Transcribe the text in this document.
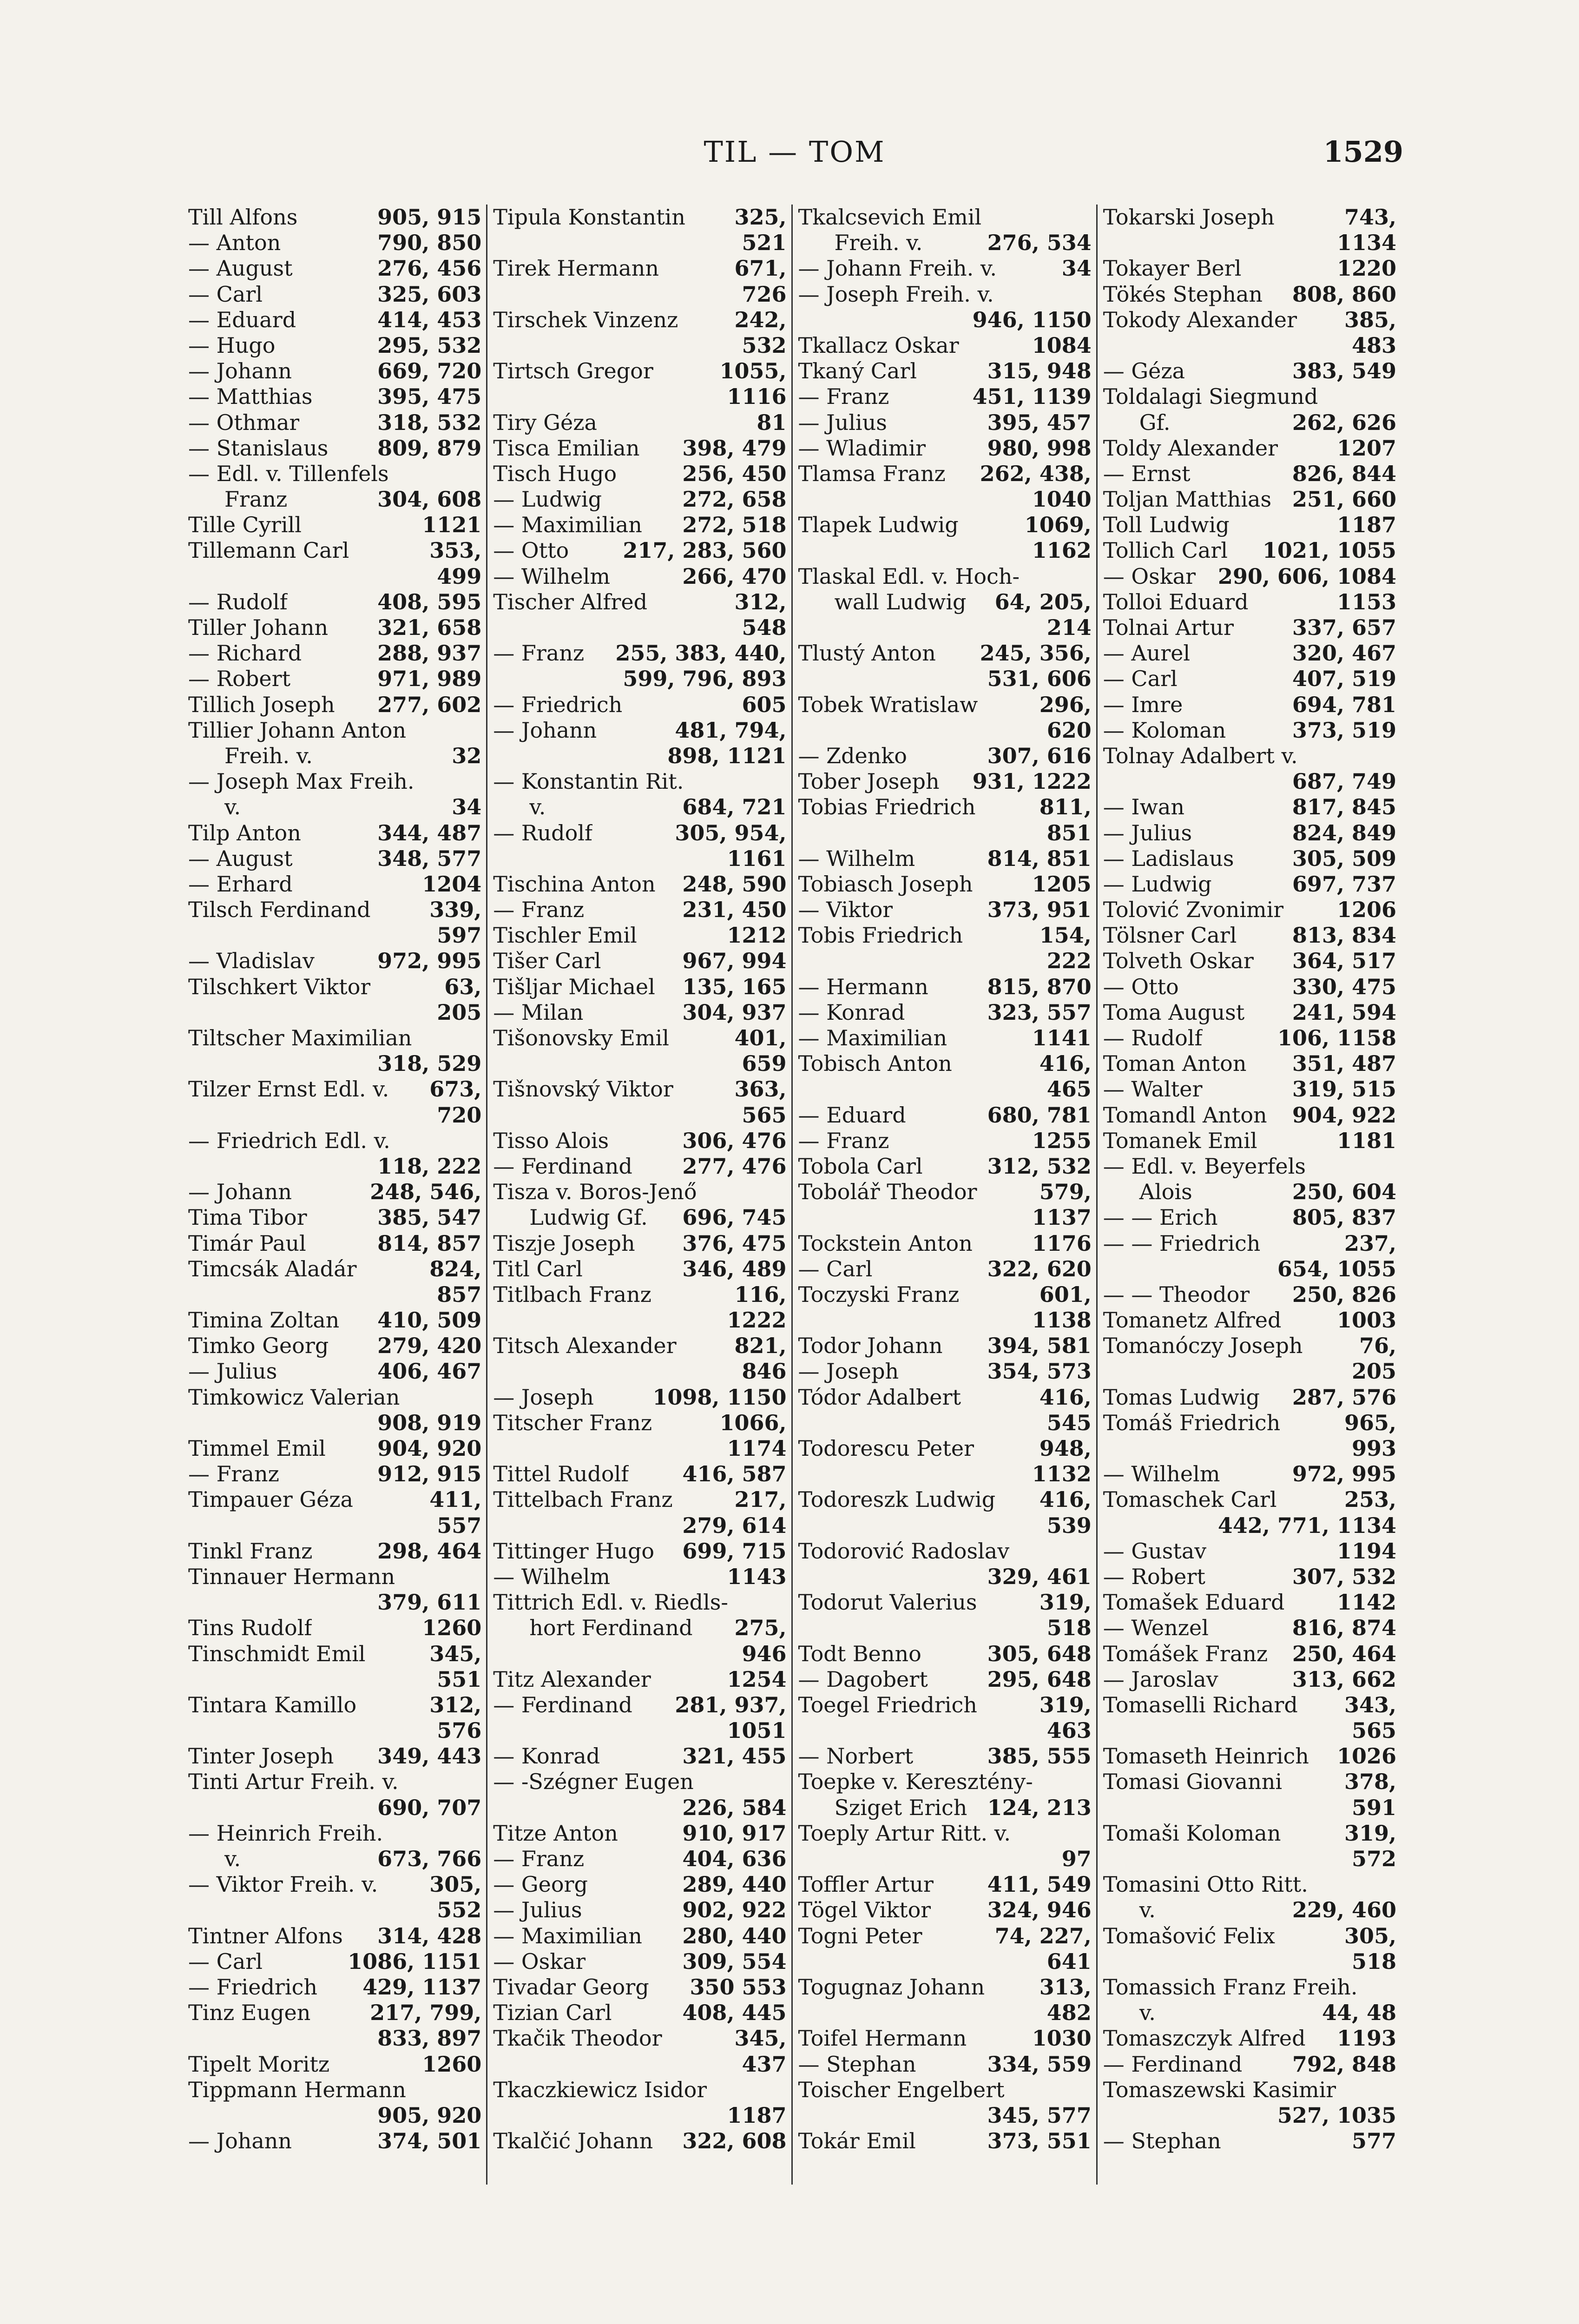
TIL — TOM	1529
Till Alfons	905, 915
— Anton	790, 850
— August	276, 456
— Carl	325, 603
— Eduard	414, 453
— Hugo	295, 532
— Johann	669, 720
— Matthias	395, 475
— Othmar	318, 532
— Stanislaus 809, 879
— Edl. v. Tillenfels
Franz	304, 608
Tille Cyrill	1121
Tillemann Carl	353,
499
— Rudolf	408, 595
Tiller Johann 321, 658
— Richard	288, 937
— Robert	971, 989
Tillich Joseph 277, 602
Tillier Johann Anton
Freih. v.	32
— Joseph Max Freih.
v.	34
Tilp Anton	344, 487
— August	348, 577
— Erhard	1204
Tilsch Ferdinand	339,
597
— Vladislav	972, 995
Tilschkert Viktor	63,
205
Tiltscher Maximilian
318, 529
Tilzer Ernst Edl. v. 673,
720
— Friedrich Edl. v.
118, 222
— Johann	248, 546,
Tima Tibor	385, 547
Timár Paul	814, 857
Timcsák Aladár	824,
857
Timina Zoltan 410, 509
Timko Georg 279, 420
— Julius	406, 467
Timkowicz Valerian
908, 919
Timmel Emil 904, 920
— Franz	912, 915
Timpauer Géza	411,
557
Tinkl Franz	298, 464
Tinnauer Hermann
379, 611
Tins Rudolf	1260
Tinschmidt Emil	345,
551
Tintara Kamillo	312,
576
Tinter Joseph 349, 443
Tinti Artur Freih. v.
690, 707
— Heinrich Freih.
v.	673, 766
— Viktor Freih. v. 305,
552
Tintner Alfons 314, 428
— Carl	1086, 1151
— Friedrich 429, 1137
Tinz Eugen	217, 799,
833, 897
Tipelt Moritz	1260
Tippmann Hermann
905, 920
— Johann	374, 501
Tipula Konstantin 325,
521
Tirek Hermann	671,
726
Tirschek Vinzenz	242,
532
Tirtsch Gregor	1055,
1116
Tiry Géza	81
Tisca Emilian 398, 479
Tisch Hugo	256, 450
— Ludwig	272, 658
— Maximilian 272, 518
— Otto	217, 283, 560
— Wilhelm	266, 470
Tischer Alfred	312,
548
— Franz 255, 383, 440,
599, 796, 893
— Friedrich	605
— Johann	481, 794,
898, 1121
— Konstantin Rit.
v.	684, 721
— Rudolf	305, 954,
1161
Tischina Anton 248, 590
— Franz	231, 450
Tischler Emil	1212
Tišer Carl	967, 994
Tišljar Michael 135, 165
— Milan	304, 937
Tišonovsky Emil	401,
659
Tišnovský Viktor	363,
565
Tisso Alois	306, 476
— Ferdinand 277, 476
Tisza v. Boros-Jenő
Ludwig Gf. 696, 745
Tiszje Joseph 376, 475
Titl Carl	346, 489
Titlbach Franz	116,
1222
Titsch Alexander	821,
846
— Joseph	1098, 1150
Titscher Franz	1066,
1174
Tittel Rudolf	416, 587
Tittelbach Franz	217,
279, 614
Tittinger Hugo 699, 715
— Wilhelm	1143
Tittrich Edl. v. Riedls-
hort Ferdinand 275,
946
Titz Alexander	1254
— Ferdinand 281, 937,
1051
— Konrad	321, 455
— -Szégner Eugen
226, 584
Titze Anton	910, 917
— Franz	404, 636
— Georg	289, 440
— Julius	902, 922
— Maximilian 280, 440
— Oskar	309, 554
Tivadar Georg 350 553
Tizian Carl	408, 445
Tkačik Theodor	345,
437
Tkaczkiewicz Isidor
1187
Tkalčić Johann 322, 608
Tkalcsevich Emil
Freih. v.	276, 534
— Johann Freih. v.	34
— Joseph Freih. v.
946, 1150
Tkallacz Oskar	1084
Tkaný Carl	315, 948
— Franz	451, 1139
— Julius	395, 457
— Wladimir	980, 998
Tlamsa Franz 262, 438,
1040
Tlapek Ludwig	1069,
1162
Tlaskal Edl. v. Hoch-
wall Ludwig 64, 205,
214
Tlustý Anton 245, 356,
531, 606
Tobek Wratislaw	296,
620
— Zdenko	307, 616
Tober Joseph 931, 1222
Tobias Friedrich	811,
851
— Wilhelm	814, 851
Tobiasch Joseph	1205
— Viktor	373, 951
Tobis Friedrich	154,
222
— Hermann	815, 870
— Konrad	323, 557
— Maximilian	1141
Tobisch Anton	416,
465
— Eduard	680, 781
— Franz	1255
Tobola Carl	312, 532
Tobolář Theodor	579,
1137
Tockstein Anton	1176
— Carl	322, 620
Toczyski Franz	601,
1138
Todor Johann 394, 581
— Joseph	354, 573
Tódor Adalbert	416,
545
Todorescu Peter	948,
1132
Todoreszk Ludwig 416,
539
Todorović Radoslav
329, 461
Todorut Valerius	319,
518
Todt Benno	305, 648
— Dagobert	295, 648
Toegel Friedrich	319,
463
— Norbert	385, 555
Toepke v. Keresztény-
Sziget Erich 124, 213
Toeply Artur Ritt. v.
97
Toffler Artur	411, 549
Tögel Viktor	324, 946
Togni Peter	74, 227,
641
Togugnaz Johann	313,
482
Toifel Hermann	1030
— Stephan	334, 559
Toischer Engelbert
345, 577
Tokár Emil	373, 551
Tokarski Joseph	743,
1134
Tokayer Berl	1220
Tökés Stephan 808, 860
Tokody Alexander 385,
483
— Géza	383, 549
Toldalagi Siegmund
Gf.	262, 626
Toldy Alexander	1207
— Ernst	826, 844
Toljan Matthias 251, 660
Toll Ludwig	1187
Tollich Carl 1021, 1055
— Oskar 290, 606, 1084
Tolloi Eduard	1153
Tolnai Artur	337, 657
— Aurel	320, 467
— Carl	407, 519
— Imre	694, 781
— Koloman	373, 519
Tolnay Adalbert v.
687, 749
— Iwan	817, 845
— Julius	824, 849
— Ladislaus	305, 509
— Ludwig	697, 737
Tolović Zvonimir 1206
Tölsner Carl	813, 834
Tolveth Oskar 364, 517
— Otto	330, 475
Toma August 241, 594
— Rudolf	106, 1158
Toman Anton 351, 487
— Walter	319, 515
Tomandl Anton 904, 922
Tomanek Emil	1181
— Edl. v. Beyerfels
Alois	250, 604
— — Erich	805, 837
— — Friedrich	237,
654, 1055
— — Theodor 250, 826
Tomanetz Alfred	1003
Tomanóczy Joseph	76,
205
Tomas Ludwig 287, 576
Tomáš Friedrich	965,
993
— Wilhelm	972, 995
Tomaschek Carl	253,
442, 771, 1134
— Gustav	1194
— Robert	307, 532
Tomašek Eduard 1142
— Wenzel	816, 874
Tomášek Franz 250, 464
— Jaroslav	313, 662
Tomaselli Richard 343,
565
Tomaseth Heinrich 1026
Tomasi Giovanni	378,
591
Tomaši Koloman	319,
572
Tomasini Otto Ritt.
v.	229, 460
Tomašović Felix	305,
518
Tomassich Franz Freih.
v.	44, 48
Tomaszczyk Alfred 1193
— Ferdinand 792, 848
Tomaszewski Kasimir
527, 1035
— Stephan	577
